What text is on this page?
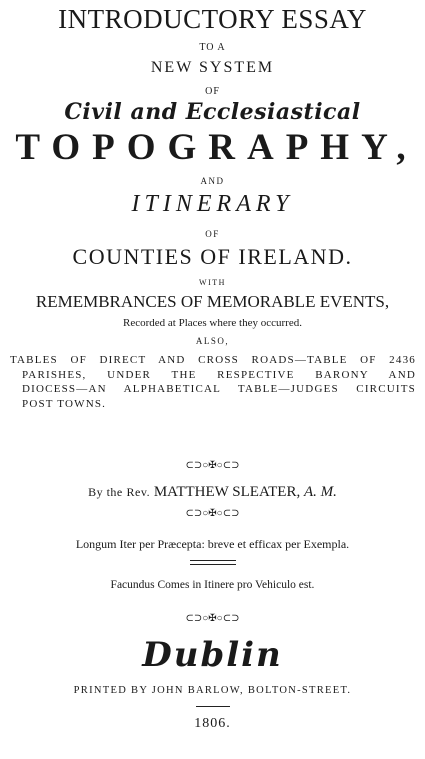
INTRODUCTORY ESSAY
TO A
NEW SYSTEM
OF
Civil and Ecclesiastical
TOPOGRAPHY,
AND
ITINERARY
OF
COUNTIES OF IRELAND.
WITH
REMEMBRANCES OF MEMORABLE EVENTS,
Recorded at Places where they occurred.
ALSO,
TABLES OF DIRECT AND CROSS ROADS—TABLE OF 2436
PARISHES, UNDER THE RESPECTIVE BARONY AND
DIOCESS—AN ALPHABETICAL TABLE—JUDGES CIRCUITS
POST TOWNS.
⊂⊃○✠○⊂⊃
By the Rev. MATTHEW SLEATER, A. M.
⊂⊃○✠○⊂⊃
Longum Iter per Præcepta: breve et efficax per Exempla.
Facundus Comes in Itinere pro Vehiculo est.
⊂⊃○✠○⊂⊃
Dublin
PRINTED BY JOHN BARLOW, BOLTON-STREET.
1806.
